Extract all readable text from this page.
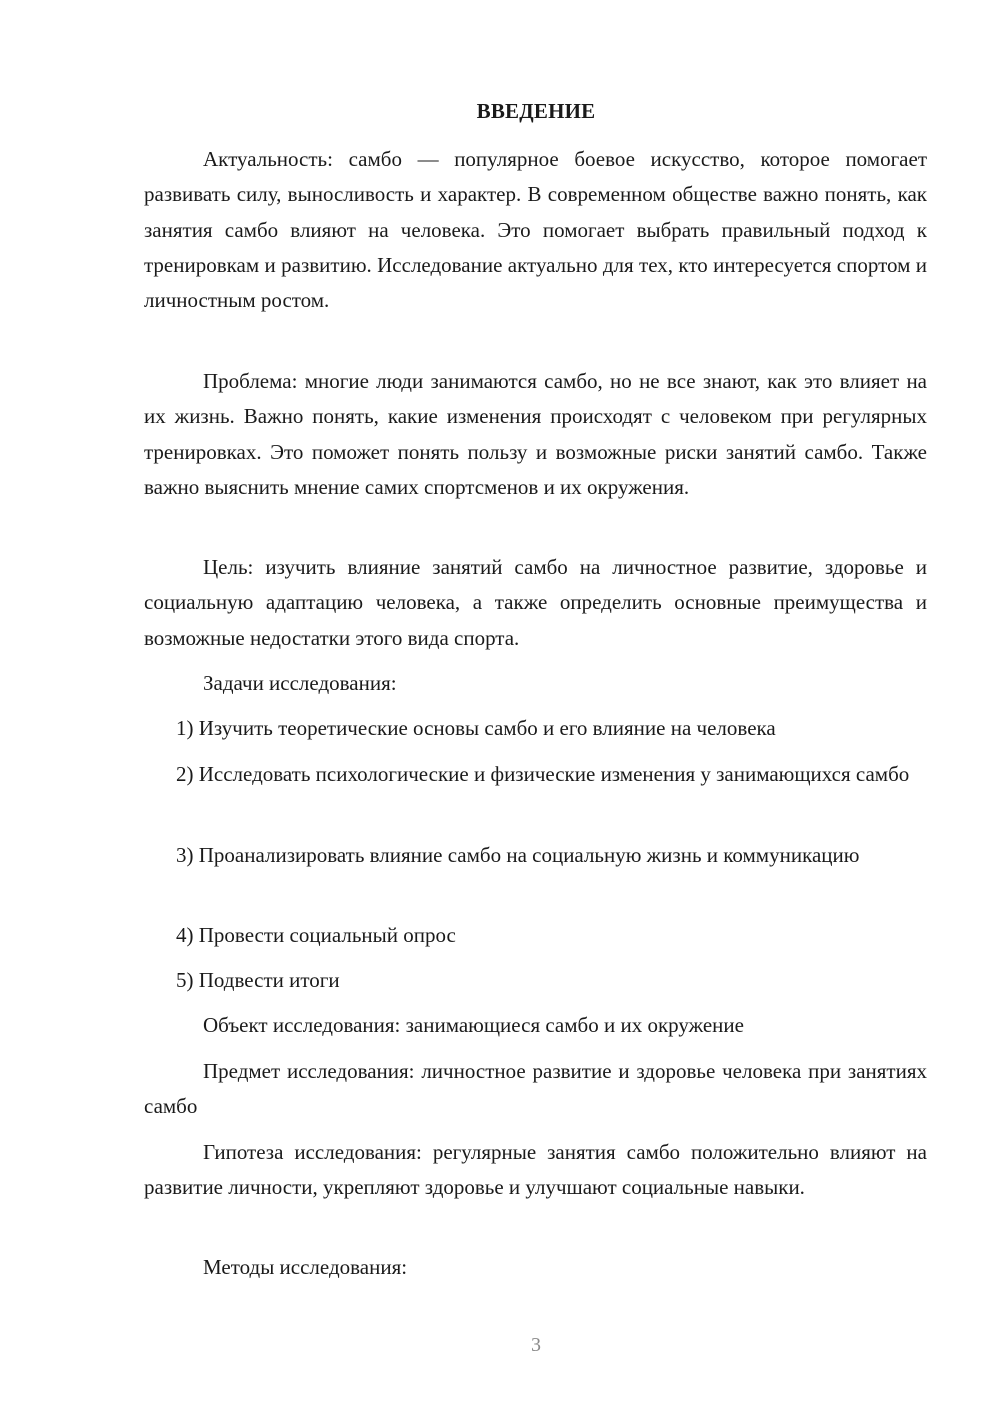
ВВЕДЕНИЕ

Актуальность: самбо — популярное боевое искусство, которое помогает развивать силу, выносливость и характер. В современном обществе важно понять, как занятия самбо влияют на человека. Это помогает выбрать правильный подход к тренировкам и развитию. Исследование актуально для тех, кто интересуется спортом и личностным ростом.

Проблема: многие люди занимаются самбо, но не все знают, как это влияет на их жизнь. Важно понять, какие изменения происходят с человеком при регулярных тренировках. Это поможет понять пользу и возможные риски занятий самбо. Также важно выяснить мнение самих спортсменов и их окружения.

Цель: изучить влияние занятий самбо на личностное развитие, здоровье и социальную адаптацию человека, а также определить основные преимущества и возможные недостатки этого вида спорта.

Задачи исследования:

1) Изучить теоретические основы самбо и его влияние на человека

2) Исследовать психологические и физические изменения у занимающихся самбо

3) Проанализировать влияние самбо на социальную жизнь и коммуникацию

4) Провести социальный опрос

5) Подвести итоги

Объект исследования: занимающиеся самбо и их окружение

Предмет исследования: личностное развитие и здоровье человека при занятиях самбо

Гипотеза исследования: регулярные занятия самбо положительно влияют на развитие личности, укрепляют здоровье и улучшают социальные навыки.

Методы исследования:

3
